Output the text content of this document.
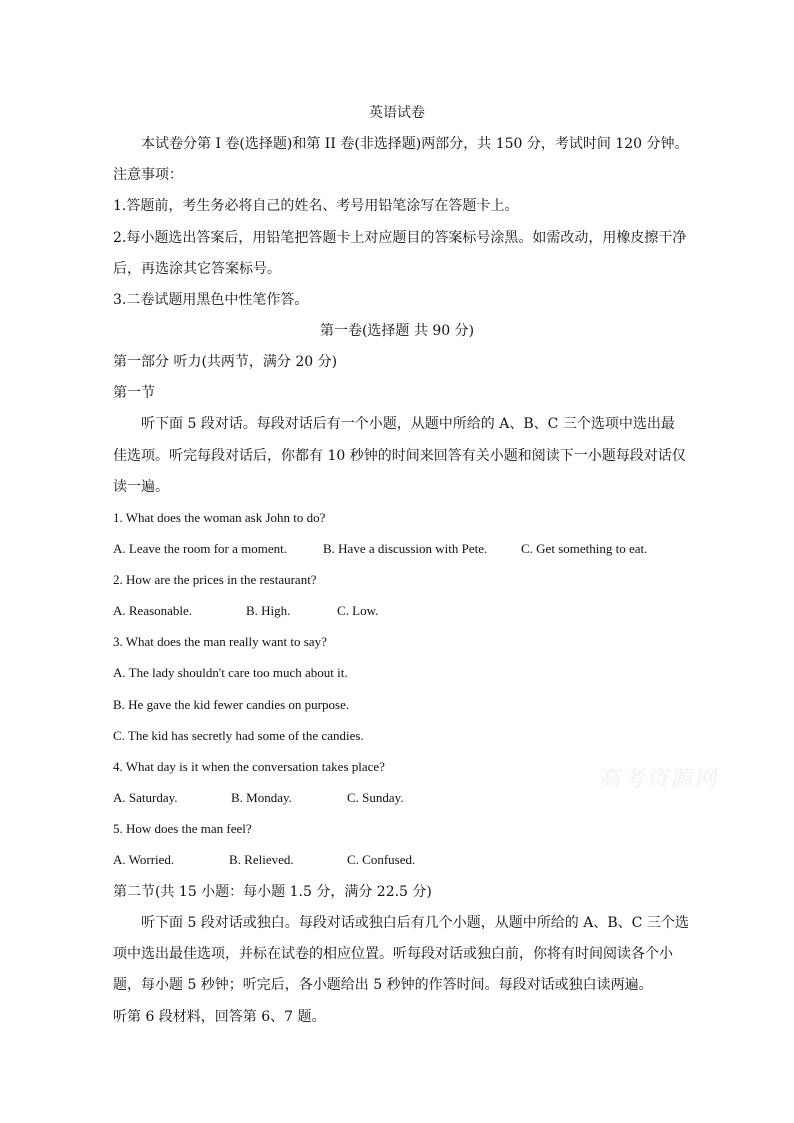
英语试卷
本试卷分第 I 卷(选择题)和第 II 卷(非选择题)两部分，共 150 分，考试时间 120 分钟。
注意事项：
1.答题前，考生务必将自己的姓名、考号用铅笔涂写在答题卡上。
2.每小题选出答案后，用铅笔把答题卡上对应题目的答案标号涂黑。如需改动，用橡皮擦干净
后，再选涂其它答案标号。
3.二卷试题用黑色中性笔作答。
第一卷(选择题 共 90 分)
第一部分 听力(共两节，满分 20 分)
第一节
听下面 5 段对话。每段对话后有一个小题，从题中所给的 A、B、C 三个选项中选出最
佳选项。听完每段对话后，你都有 10 秒钟的时间来回答有关小题和阅读下一小题每段对话仅
读一遍。
1. What does the woman ask John to do?
A. Leave the room for a moment.	B. Have a discussion with Pete.	C. Get something to eat.
2. How are the prices in the restaurant?
A. Reasonable.	B. High.	C. Low.
3. What does the man really want to say?
A. The lady shouldn't care too much about it.
B. He gave the kid fewer candies on purpose.
C. The kid has secretly had some of the candies.
4. What day is it when the conversation takes place?
A. Saturday.	B. Monday.	C. Sunday.
5. How does the man feel?
A. Worried.	B. Relieved.	C. Confused.
第二节(共 15 小题：每小题 1.5 分，满分 22.5 分)
听下面 5 段对话或独白。每段对话或独白后有几个小题，从题中所给的 A、B、C 三个选
项中选出最佳选项，并标在试卷的相应位置。听每段对话或独白前，你将有时间阅读各个小
题，每小题 5 秒钟；听完后，各小题给出 5 秒钟的作答时间。每段对话或独白读两遍。
听第 6 段材料，回答第 6、7 题。
高考资源网
